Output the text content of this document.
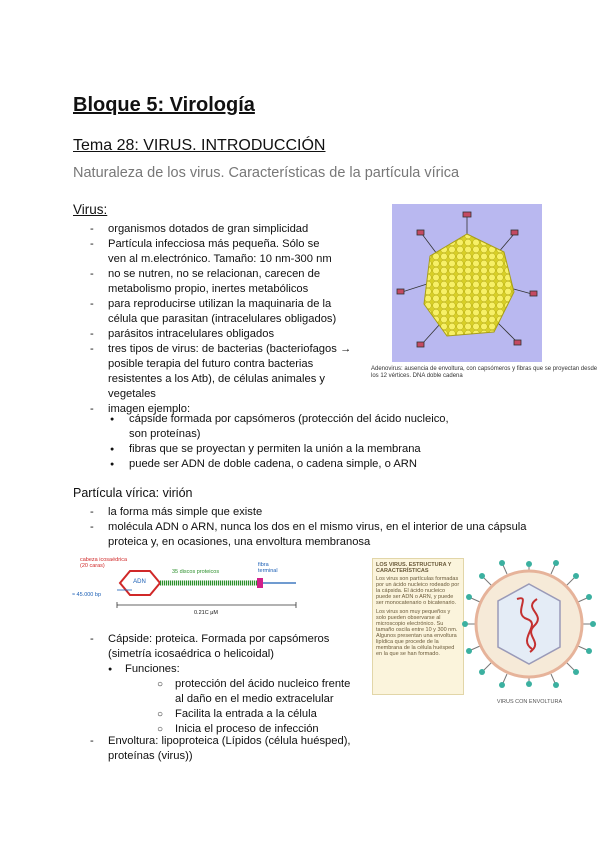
Bloque 5: Virología
Tema 28: VIRUS. INTRODUCCIÓN
Naturaleza de los virus. Características de la partícula vírica
Virus:
- organismos dotados de gran simplicidad
- Partícula infecciosa más pequeña. Sólo se ven al m.electrónico. Tamaño: 10 nm-300 nm
- no se nutren, no se relacionan, carecen de metabolismo propio, inertes metabólicos
- para reproducirse utilizan la maquinaria de la célula que parasitan (intracelulares obligados)
- parásitos intracelulares obligados
- tres tipos de virus: de bacterias (bacteriofagos → posible terapia del futuro contra bacterias resistentes a los Atb), de células animales y vegetales
- imagen ejemplo:
● cápside formada por capsómeros (protección del ácido nucleico, son proteínas)
● fibras que se proyectan y permiten la unión a la membrana
● puede ser ADN de doble cadena, o cadena simple, o ARN
Adenovirus: ausencia de envoltura, con capsómeros y fibras que se proyectan desde los 12 vértices. DNA doble cadena
Partícula vírica: virión
- la forma más simple que existe
- molécula ADN o ARN, nunca los dos en el mismo virus, en el interior de una cápsula proteica y, en ocasiones, una envoltura membranosa
cabeza icosaédrica (20 caras)
ADN
35 discos proteicos
fibra terminal
≈ 45.000 bp
0.21C μM
- Cápside: proteica. Formada por capsómeros (simetría icosaédrica o helicoidal)
● Funciones:
○ protección del ácido nucleico frente al daño en el medio extracelular
○ Facilita la entrada a la célula
○ Inicia el proceso de infección
- Envoltura: lipoproteica (Lípidos (célula huésped), proteínas (virus))
LOS VIRUS. ESTRUCTURA Y CARACTERÍSTICAS
Los virus son partículas formadas por un ácido nucleico rodeado por la cápsida. El ácido nucleico puede ser ADN o ARN, y puede ser monocatenario o bicatenario.
Los virus son muy pequeños y solo pueden observarse al microscopio electrónico. Su tamaño oscila entre 10 y 300 nm. Algunos presentan una envoltura lipídica que procede de la membrana de la célula huésped en la que se han formado.
VIRUS CON ENVOLTURA
